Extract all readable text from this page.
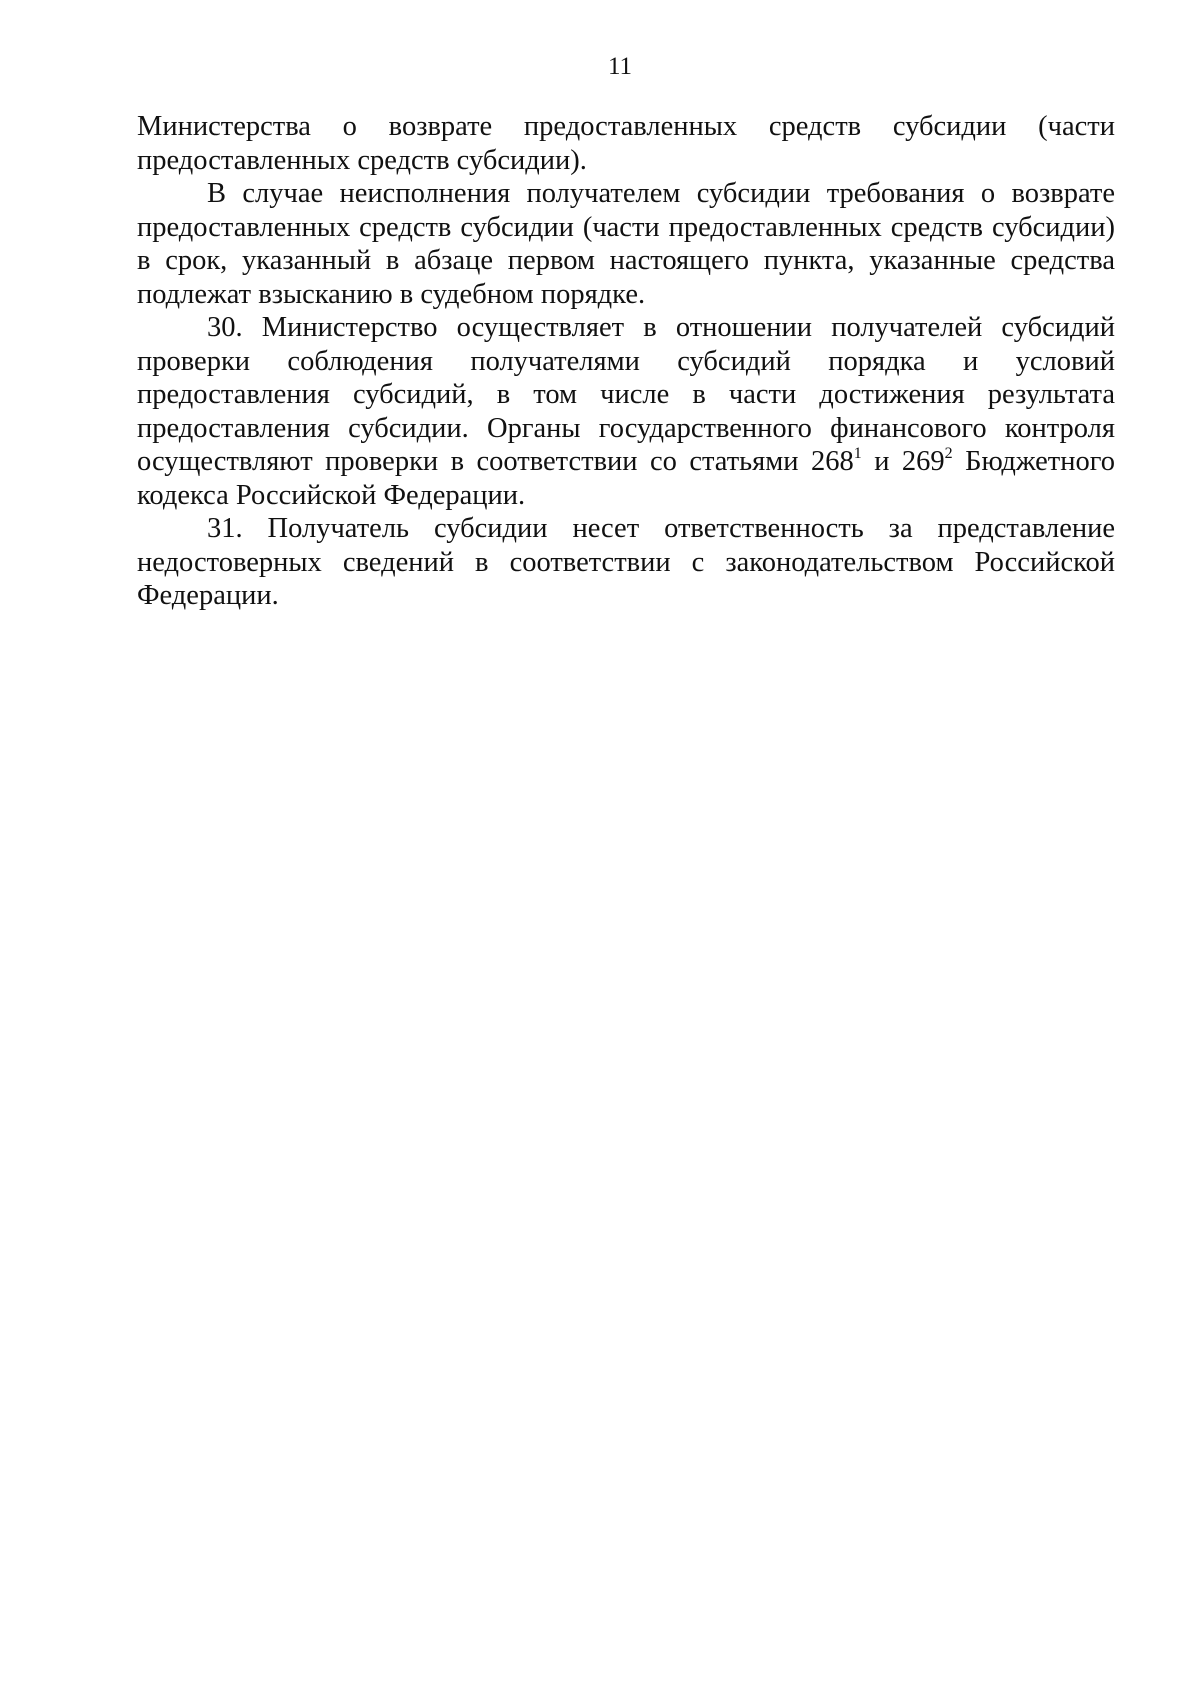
11

Министерства о возврате предоставленных средств субсидии (части
предоставленных средств субсидии).

В случае неисполнения получателем субсидии требования о возврате
предоставленных средств субсидии (части предоставленных средств субсидии)
в срок, указанный в абзаце первом настоящего пункта, указанные средства
подлежат взысканию в судебном порядке.

30. Министерство осуществляет в отношении получателей субсидий
проверки соблюдения получателями субсидий порядка и условий
предоставления субсидий, в том числе в части достижения результата
предоставления субсидии. Органы государственного финансового контроля
осуществляют проверки в соответствии со статьями $268^1$ и $269^2$ Бюджетного
кодекса Российской Федерации.

31. Получатель субсидии несет ответственность за представление
недостоверных сведений в соответствии с законодательством Российской
Федерации.
